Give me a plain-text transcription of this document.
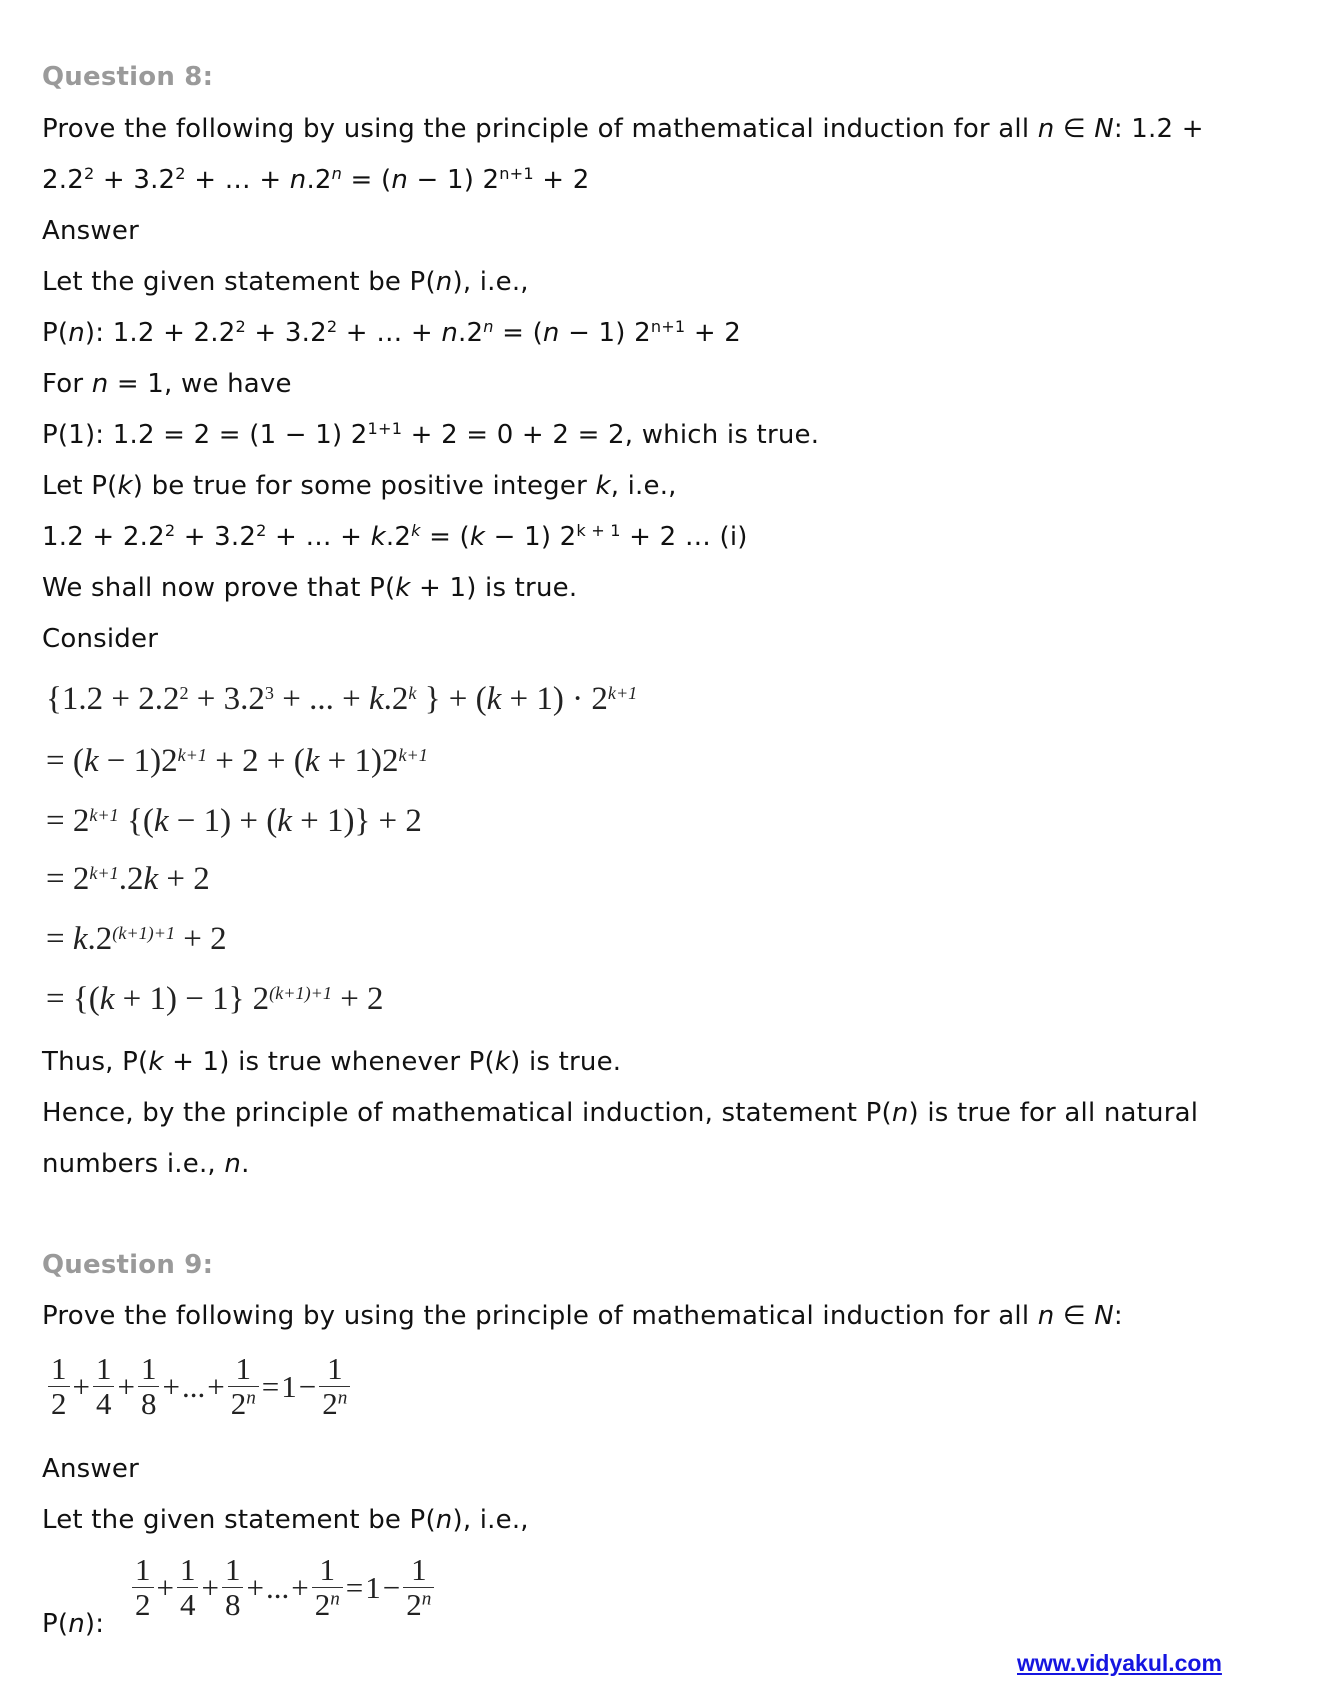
Question 8:
Prove the following by using the principle of mathematical induction for all n ∈ N: 1.2 +
$2.2^2 + 3.2^2$ + … + $n.2^n = (n - 1) 2^{n+1} + 2$
Answer
Let the given statement be P(n), i.e.,
P(n): $1.2 + 2.2^2 + 3.2^2$ + … + $n.2^n = (n - 1) 2^{n+1} + 2$
For n = 1, we have
P(1): 1.2 = 2 = (1 − 1) $2^{1+1} + 2 = 0 + 2 = 2$, which is true.
Let P(k) be true for some positive integer k, i.e.,
$1.2 + 2.2^2 + 3.2^2$ + … + $k.2^k = (k - 1) 2^{k + 1} + 2$ … (i)
We shall now prove that P(k + 1) is true.
Consider
{$1.2 + 2.2^2 + 3.2^3$ + ... + $k.2^k$ } + $(k + 1) \cdot 2^{k+1}$
= $(k - 1)2^{k+1} + 2 + (k + 1)2^{k+1}$
= $2^{k+1}$ {(k − 1) + (k + 1)} + 2
= $2^{k+1}.2k + 2$
= $k.2^{(k+1)+1} + 2$
= {(k + 1) − 1} $2^{(k+1)+1} + 2$
Thus, P(k + 1) is true whenever P(k) is true.
Hence, by the principle of mathematical induction, statement P(n) is true for all natural
numbers i.e., n.
Question 9:
Prove the following by using the principle of mathematical induction for all n ∈ N:
$\frac{1}{2} + \frac{1}{4} + \frac{1}{8}$ +...+ $\frac{1}{2^n} =1- \frac{1}{2^n}$
Answer
Let the given statement be P(n), i.e.,
P(n):
$\frac{1}{2} + \frac{1}{4} + \frac{1}{8}$ +...+ $\frac{1}{2^n} =1- \frac{1}{2^n}$
www.vidyakul.com
